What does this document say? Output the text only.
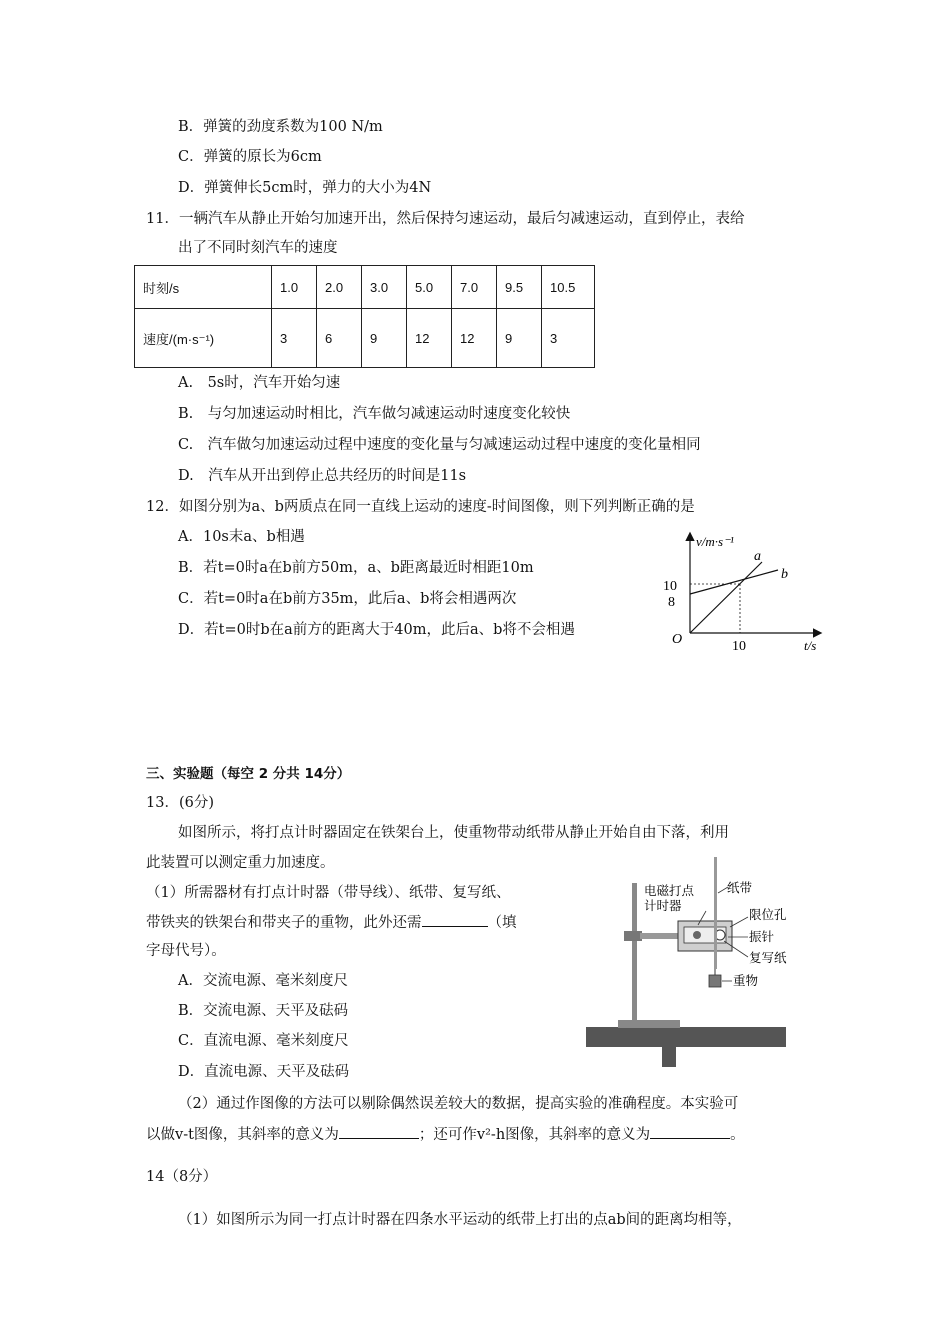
B．弹簧的劲度系数为100 N/m
C．弹簧的原长为6cm
D．弹簧伸长5cm时，弹力的大小为4N
11．一辆汽车从静止开始匀加速开出，然后保持匀速运动，最后匀减速运动，直到停止，表给
出了不同时刻汽车的速度
时刻/s	1.0	2.0	3.0	5.0	7.0	9.5	10.5
速度/(m·s⁻¹)	3	6	9	12	12	9	3
A.　5s时，汽车开始匀速
B.　与匀加速运动时相比，汽车做匀减速运动时速度变化较快
C.　汽车做匀加速运动过程中速度的变化量与匀减速运动过程中速度的变化量相同
D.　汽车从开出到停止总共经历的时间是11s
12．如图分别为a、b两质点在同一直线上运动的速度-时间图像，则下列判断正确的是
A．10s末a、b相遇
B．若t=0时a在b前方50m，a、b距离最近时相距10m
C．若t=0时a在b前方35m，此后a、b将会相遇两次
D．若t=0时b在a前方的距离大于40m，此后a、b将不会相遇
v/m·s⁻¹
t/s
O
10
8
10
a
b
三、实验题（每空 2 分共 14分）
13．(6分)
如图所示，将打点计时器固定在铁架台上，使重物带动纸带从静止开始自由下落，利用
此装置可以测定重力加速度。
（1）所需器材有打点计时器（带导线）、纸带、复写纸、
带铁夹的铁架台和带夹子的重物，此外还需	（填
字母代号）。
A．交流电源、毫米刻度尺
B．交流电源、天平及砝码
C．直流电源、毫米刻度尺
D．直流电源、天平及砝码
电磁打点
计时器
纸带
限位孔
振针
复写纸
重物
（2）通过作图像的方法可以剔除偶然误差较大的数据，提高实验的准确程度。本实验可
以做v-t图像，其斜率的意义为	；还可作v²-h图像，其斜率的意义为	。
14（8分）
（1）如图所示为同一打点计时器在四条水平运动的纸带上打出的点ab间的距离均相等，
